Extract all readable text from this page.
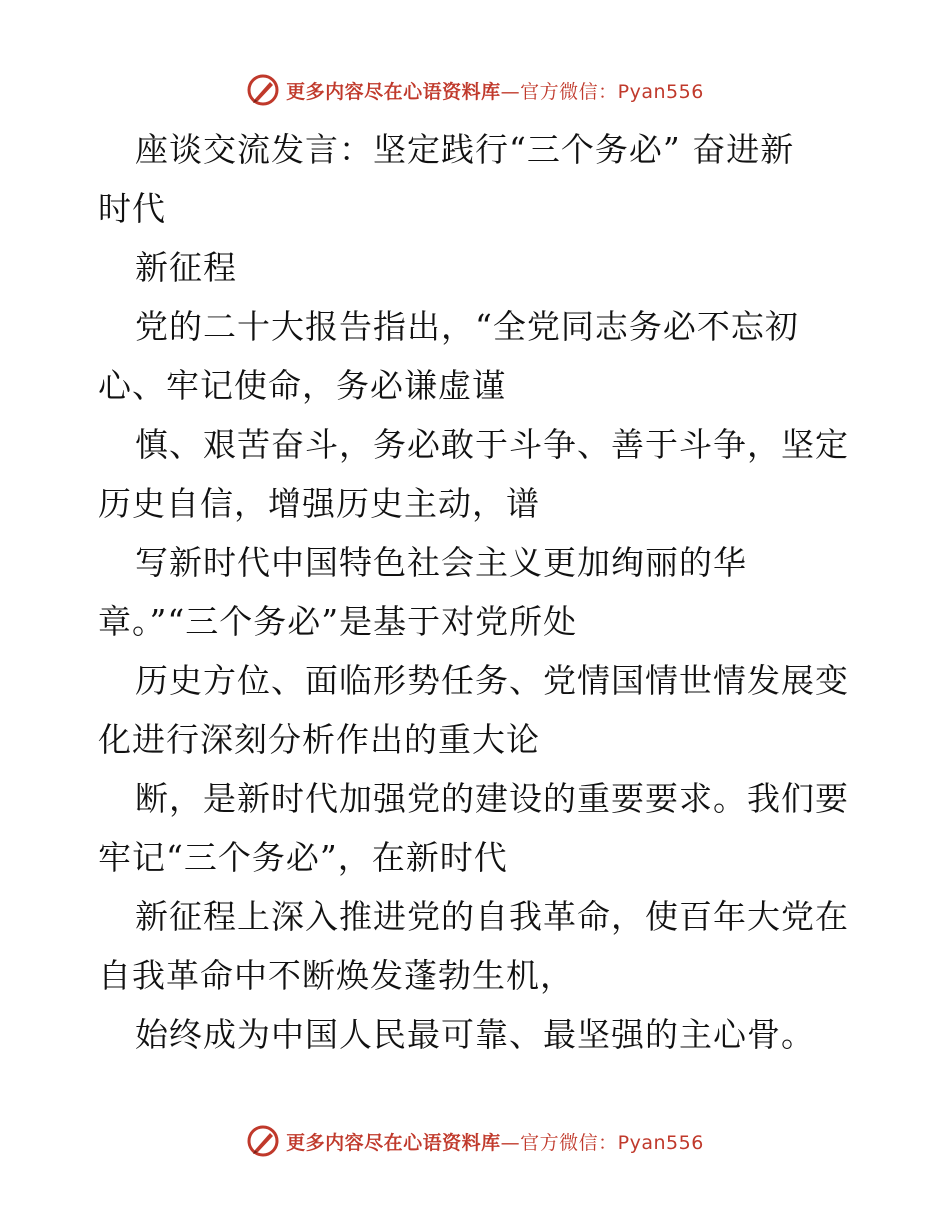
更多内容尽在心语资料库—官方微信：Pyan556
座谈交流发言：坚定践行“三个务必” 奋进新
时代
新征程
党的二十大报告指出，“全党同志务必不忘初
心、牢记使命，务必谦虚谨
慎、艰苦奋斗，务必敢于斗争、善于斗争，坚定
历史自信，增强历史主动，谱
写新时代中国特色社会主义更加绚丽的华
章。”“三个务必”是基于对党所处
历史方位、面临形势任务、党情国情世情发展变
化进行深刻分析作出的重大论
断，是新时代加强党的建设的重要要求。我们要
牢记“三个务必”，在新时代
新征程上深入推进党的自我革命，使百年大党在
自我革命中不断焕发蓬勃生机，
始终成为中国人民最可靠、最坚强的主心骨。
更多内容尽在心语资料库—官方微信：Pyan556
